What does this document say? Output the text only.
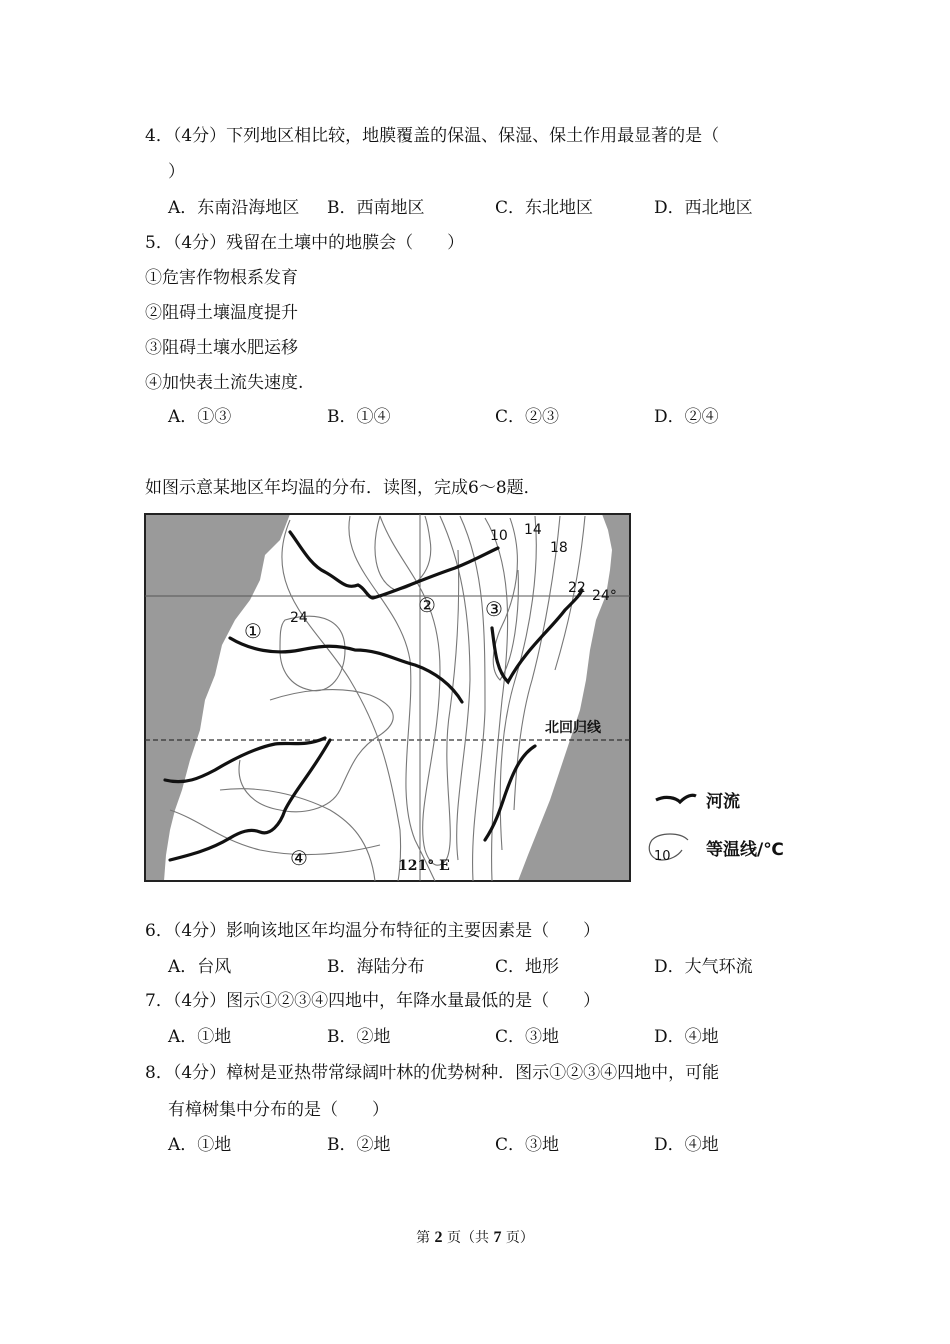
4．（4分）下列地区相比较，地膜覆盖的保温、保湿、保土作用最显著的是（
）
A．东南沿海地区 B．西南地区	C．东北地区	D．西北地区
5．（4分）残留在土壤中的地膜会（　　）
①危害作物根系发育
②阻碍土壤温度提升
③阻碍土壤水肥运移
④加快表土流失速度.
A．①③	B．①④	C．②③	D．②④
如图示意某地区年均温的分布．读图，完成6～8题．
10 14
18
22 24°
24
北回归线
121° E
①
② ③
④
河流
10 等温线/℃
6．（4分）影响该地区年均温分布特征的主要因素是（　　）
A．台风	B．海陆分布	C．地形	D．大气环流
7．（4分）图示①②③④四地中，年降水量最低的是（　　）
A．①地	B．②地	C．③地	D．④地
8．（4分）樟树是亚热带常绿阔叶林的优势树种．图示①②③④四地中，可能
有樟树集中分布的是（　　）
A．①地	B．②地	C．③地	D．④地
第 2 页（共 7 页）
